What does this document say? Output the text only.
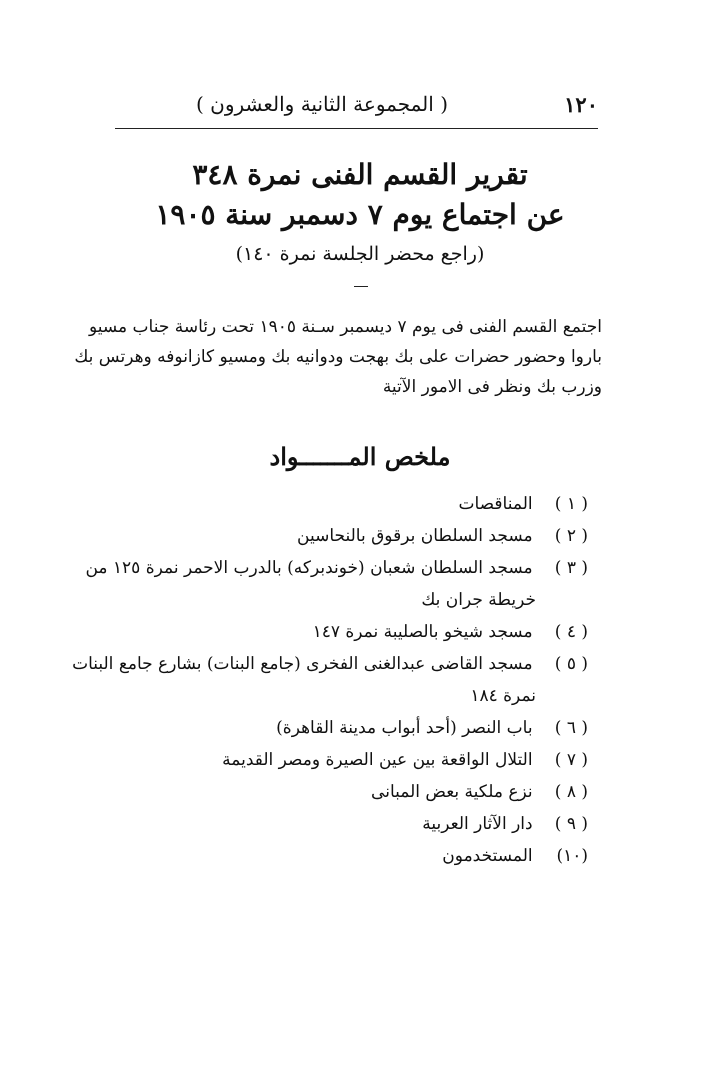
١٢٠
( المجموعة الثانية والعشرون )
تقرير القسم الفنى نمرة ٣٤٨
عن اجتماع يوم ٧ دسمبر سنة ١٩٠٥
(راجع محضر الجلسة نمرة ١٤٠)
اجتمع القسم الفنى فى يوم ٧ ديسمبر سـنة ١٩٠٥ تحت رئاسة جناب مسيو
باروا وحضور حضرات على بك بهجت ودوانيه بك ومسيو كازانوفه وهرتس بك
وزرب بك ونظر فى الامور الآتية
ملخص المـــــــواد
( ١ ) المناقصات
( ٢ ) مسجد السلطان برقوق بالنحاسين
( ٣ ) مسجد السلطان شعبان (خوندبركه) بالدرب الاحمر نمرة ١٢٥ من
خريطة جران بك
( ٤ ) مسجد شيخو بالصليبة نمرة ١٤٧
( ٥ ) مسجد القاضى عبدالغنى الفخرى (جامع البنات) بشارع جامع البنات
نمرة ١٨٤
( ٦ ) باب النصر (أحد أبواب مدينة القاهرة)
( ٧ ) التلال الواقعة بين عين الصيرة ومصر القديمة
( ٨ ) نزع ملكية بعض المبانى
( ٩ ) دار الآثار العربية
(١٠) المستخدمون
